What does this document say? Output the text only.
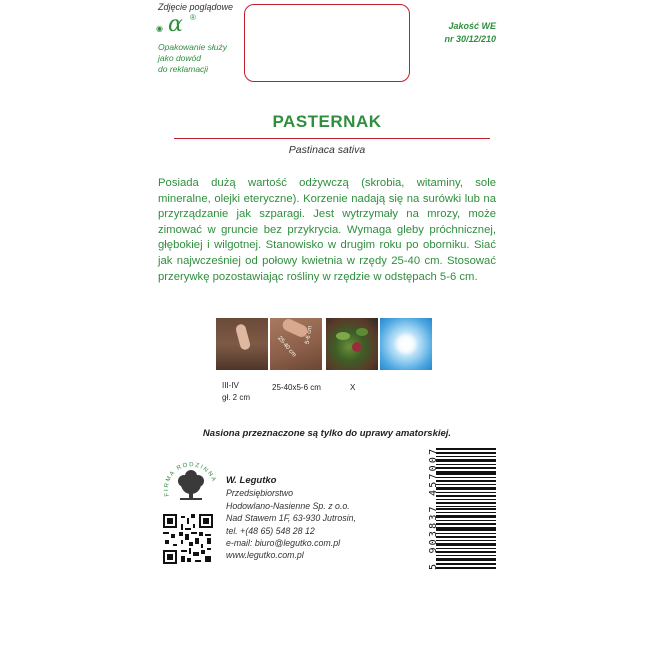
Zdjęcie poglądowe
◉ α ®
Opakowanie służy
jako dowód
do reklamacji
Jakość WE
nr 30/12/210
PASTERNAK
Pastinaca sativa
Posiada dużą wartość odżywczą (skrobia, witaminy, sole mineralne, olejki eteryczne). Korzenie nadają się na surówki lub na przyrządzanie jak szparagi. Jest wytrzymały na mrozy, może zimować w gruncie bez przykrycia. Wymaga gleby próchnicznej, głębokiej i wilgotnej. Stanowisko w drugim roku po oborniku. Siać jak najwcześniej od połowy kwietnia w rzędy 25-40 cm. Stosować przerywkę pozostawiając rośliny w rzędzie w odstępach 5-6 cm.
25-40 cm
5-6 cm
III-IV
gł. 2 cm
25-40x5-6 cm	X
Nasiona przeznaczone są tylko do uprawy amatorskiej.
FIRMA RODZINNA W. Legutko
Przedsiębiorstwo
Hodowlano-Nasienne Sp. z o.o.
Nad Stawem 1F, 63-930 Jutrosin,
tel. +(48 65) 548 28 12
e-mail: biuro@legutko.com.pl
www.legutko.com.pl	5 903837 457007
